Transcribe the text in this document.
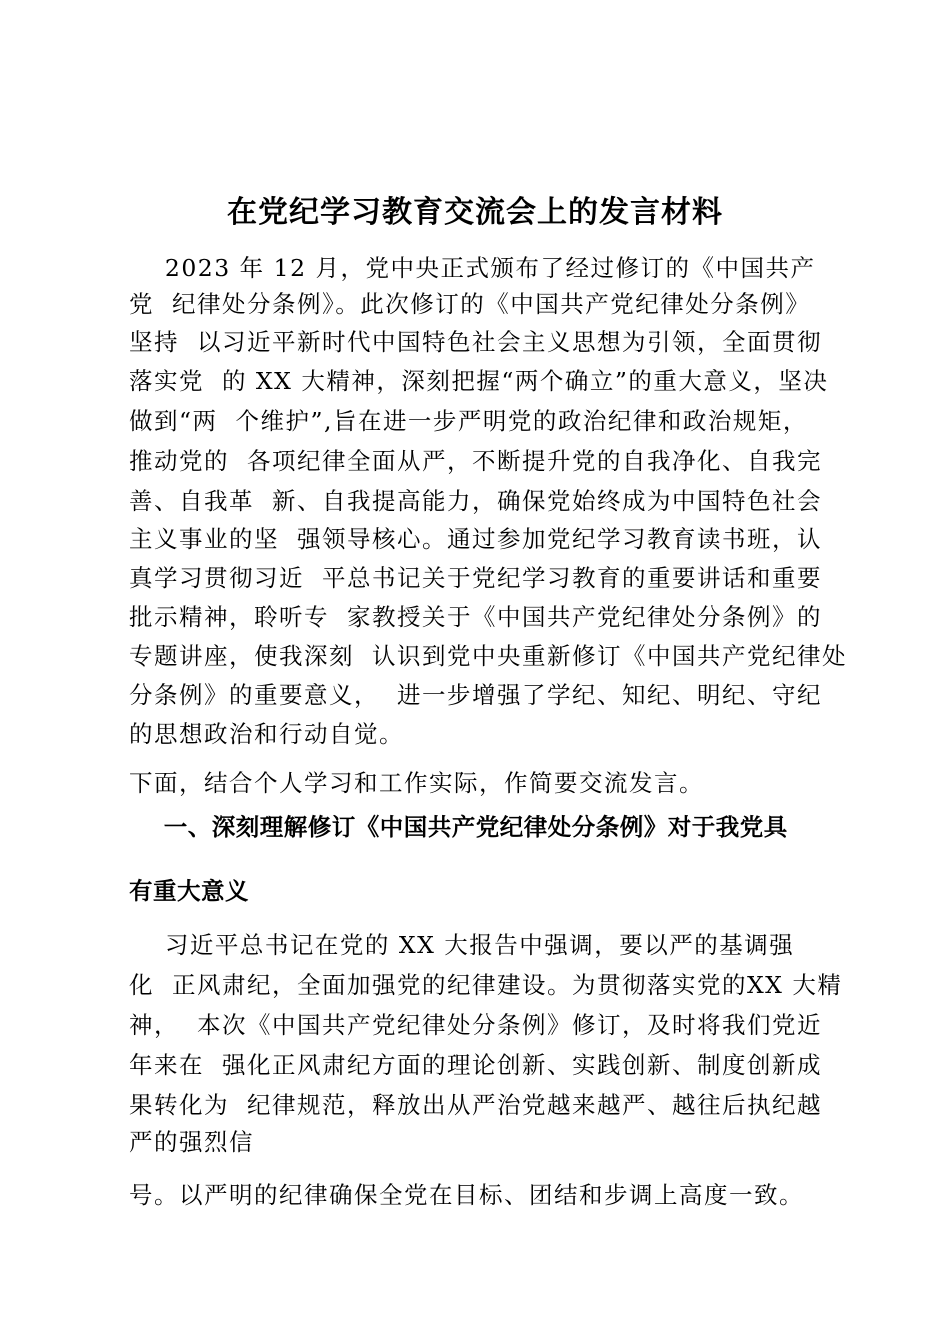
在党纪学习教育交流会上的发言材料

2023 年 12 月，党中央正式颁布了经过修订的《中国共产

党  纪律处分条例》。此次修订的《中国共产党纪律处分条例》

坚持  以习近平新时代中国特色社会主义思想为引领，全面贯彻

落实党  的 XX 大精神，深刻把握“两个确立”的重大意义，坚决

做到“两  个维护”,旨在进一步严明党的政治纪律和政治规矩，

推动党的  各项纪律全面从严，不断提升党的自我净化、自我完

善、自我革  新、自我提高能力，确保党始终成为中国特色社会

主义事业的坚  强领导核心。通过参加党纪学习教育读书班，认

真学习贯彻习近  平总书记关于党纪学习教育的重要讲话和重要

批示精神，聆听专  家教授关于《中国共产党纪律处分条例》的

专题讲座，使我深刻  认识到党中央重新修订《中国共产党纪律处

分条例》的重要意义，  进一步增强了学纪、知纪、明纪、守纪

的思想政治和行动自觉。

下面，结合个人学习和工作实际，作简要交流发言。

一、深刻理解修订《中国共产党纪律处分条例》对于我党具

有重大意义

习近平总书记在党的 XX 大报告中强调，要以严的基调强

化  正风肃纪，全面加强党的纪律建设。为贯彻落实党的XX 大精

神，  本次《中国共产党纪律处分条例》修订，及时将我们党近

年来在  强化正风肃纪方面的理论创新、实践创新、制度创新成

果转化为  纪律规范，释放出从严治党越来越严、越往后执纪越

严的强烈信

号。以严明的纪律确保全党在目标、团结和步调上高度一致。
